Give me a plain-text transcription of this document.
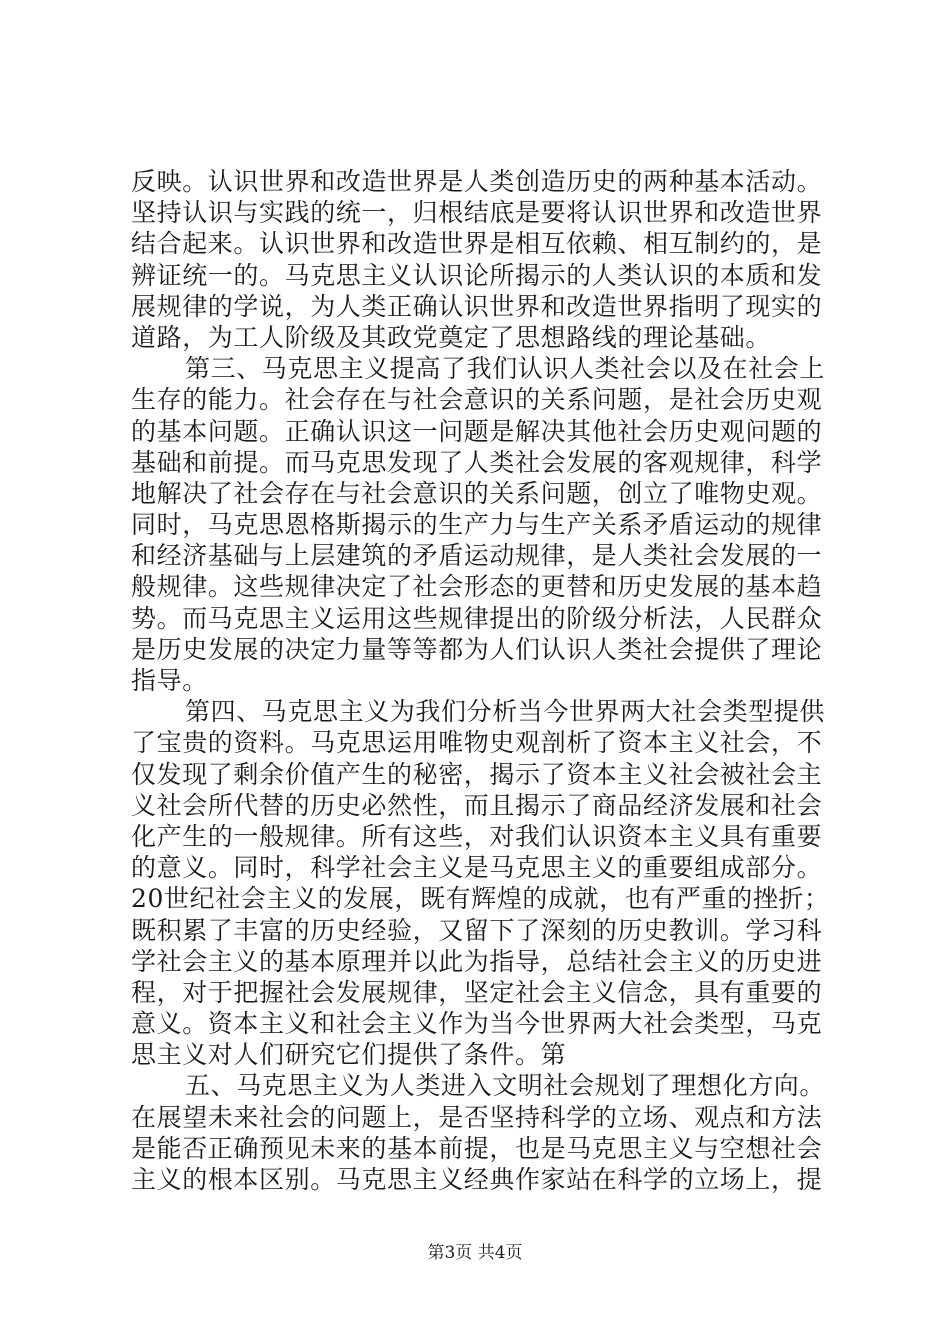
反映。认识世界和改造世界是人类创造历史的两种基本活动。
坚持认识与实践的统一，归根结底是要将认识世界和改造世界
结合起来。认识世界和改造世界是相互依赖、相互制约的，是
辨证统一的。马克思主义认识论所揭示的人类认识的本质和发
展规律的学说，为人类正确认识世界和改造世界指明了现实的
道路，为工人阶级及其政党奠定了思想路线的理论基础。
第三、马克思主义提高了我们认识人类社会以及在社会上
生存的能力。社会存在与社会意识的关系问题，是社会历史观
的基本问题。正确认识这一问题是解决其他社会历史观问题的
基础和前提。而马克思发现了人类社会发展的客观规律，科学
地解决了社会存在与社会意识的关系问题，创立了唯物史观。
同时，马克思恩格斯揭示的生产力与生产关系矛盾运动的规律
和经济基础与上层建筑的矛盾运动规律，是人类社会发展的一
般规律。这些规律决定了社会形态的更替和历史发展的基本趋
势。而马克思主义运用这些规律提出的阶级分析法，人民群众
是历史发展的决定力量等等都为人们认识人类社会提供了理论
指导。
第四、马克思主义为我们分析当今世界两大社会类型提供
了宝贵的资料。马克思运用唯物史观剖析了资本主义社会，不
仅发现了剩余价值产生的秘密，揭示了资本主义社会被社会主
义社会所代替的历史必然性，而且揭示了商品经济发展和社会
化产生的一般规律。所有这些，对我们认识资本主义具有重要
的意义。同时，科学社会主义是马克思主义的重要组成部分。
20世纪社会主义的发展，既有辉煌的成就，也有严重的挫折；
既积累了丰富的历史经验，又留下了深刻的历史教训。学习科
学社会主义的基本原理并以此为指导，总结社会主义的历史进
程，对于把握社会发展规律，坚定社会主义信念，具有重要的
意义。资本主义和社会主义作为当今世界两大社会类型，马克
思主义对人们研究它们提供了条件。第
五、马克思主义为人类进入文明社会规划了理想化方向。
在展望未来社会的问题上，是否坚持科学的立场、观点和方法
是能否正确预见未来的基本前提，也是马克思主义与空想社会
主义的根本区别。马克思主义经典作家站在科学的立场上，提
第3页 共4页
